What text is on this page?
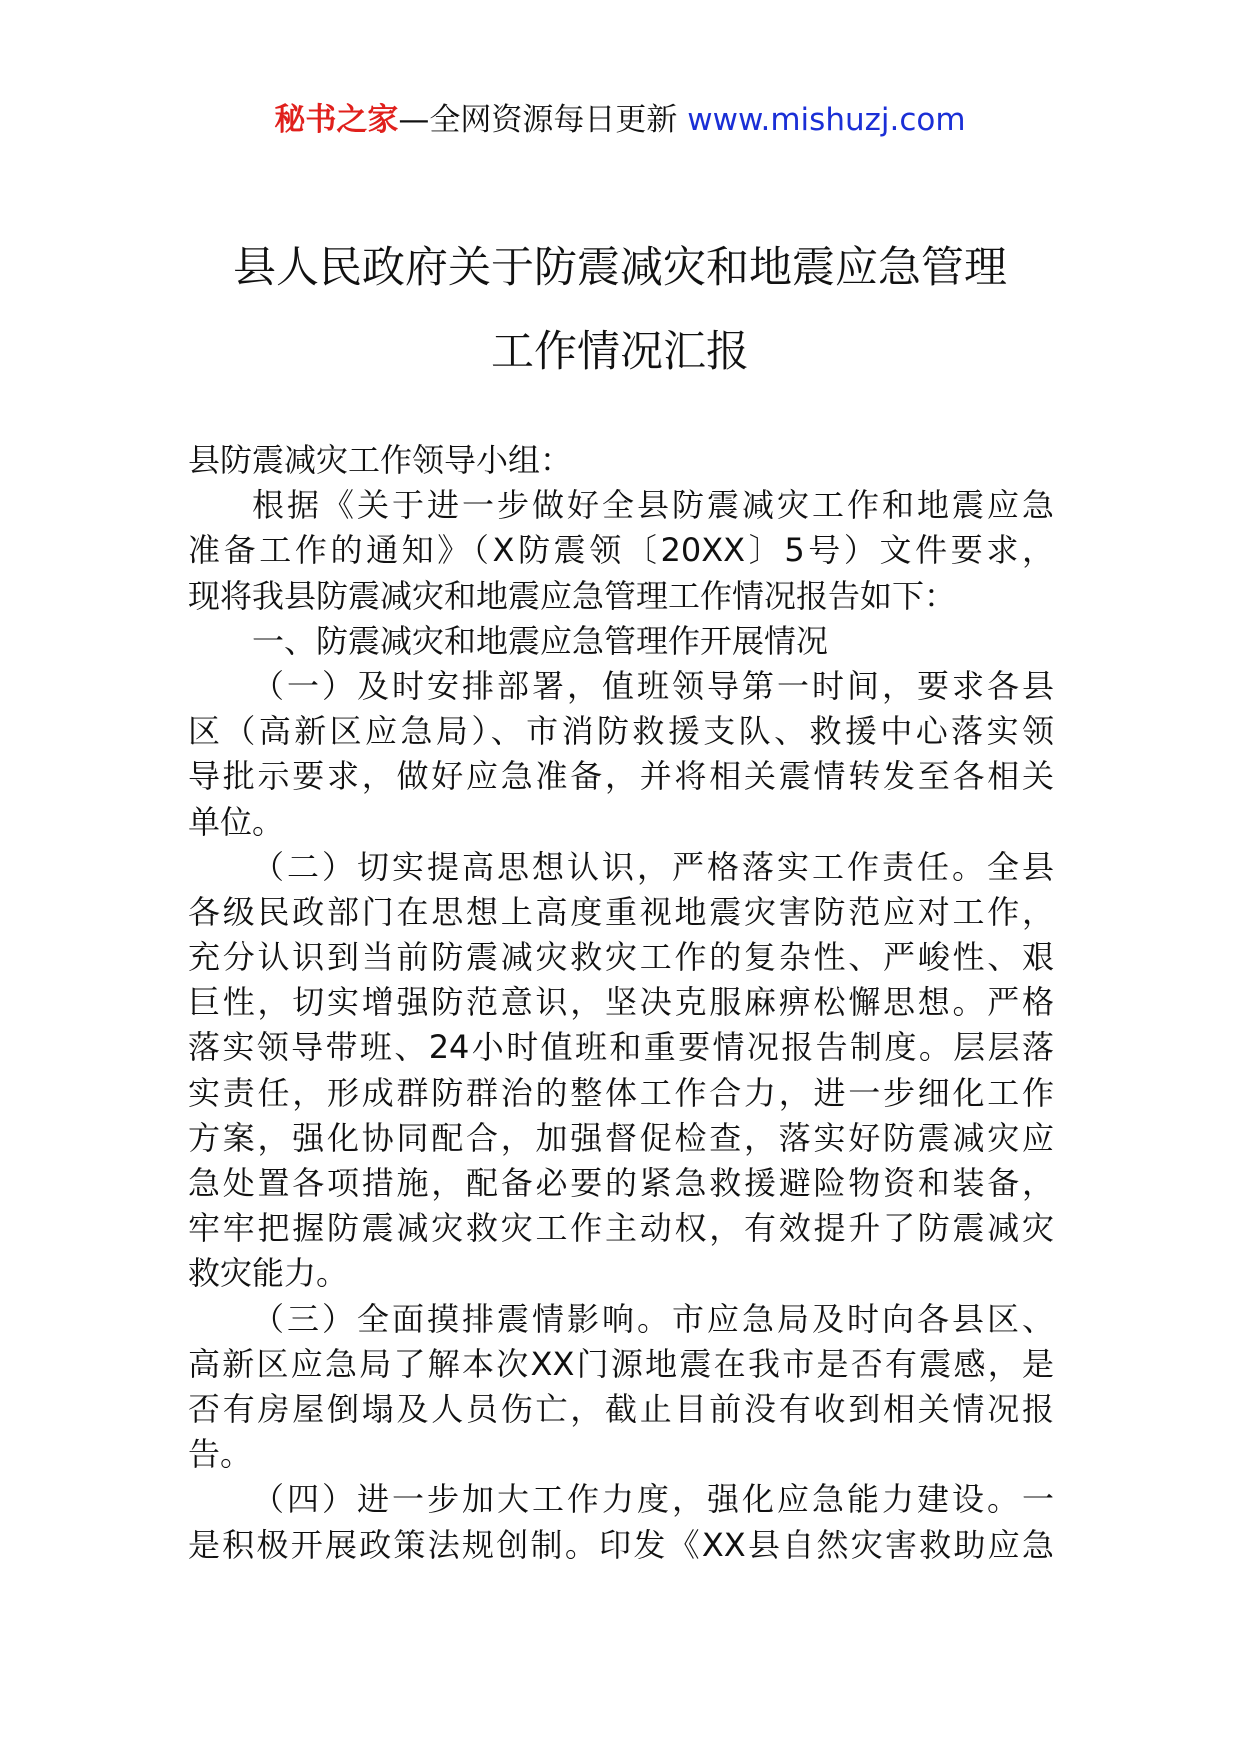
秘书之家—全网资源每日更新 www.mishuzj.com
县人民政府关于防震减灾和地震应急管理
工作情况汇报
县防震减灾工作领导小组：
根据《关于进一步做好全县防震减灾工作和地震应急
准备工作的通知》（X防震领〔20XX〕5号）文件要求，
现将我县防震减灾和地震应急管理工作情况报告如下：
一、防震减灾和地震应急管理作开展情况
（一）及时安排部署，值班领导第一时间，要求各县
区（高新区应急局）、市消防救援支队、救援中心落实领
导批示要求，做好应急准备，并将相关震情转发至各相关
单位。
（二）切实提高思想认识，严格落实工作责任。全县
各级民政部门在思想上高度重视地震灾害防范应对工作，
充分认识到当前防震减灾救灾工作的复杂性、严峻性、艰
巨性，切实增强防范意识，坚决克服麻痹松懈思想。严格
落实领导带班、24小时值班和重要情况报告制度。层层落
实责任，形成群防群治的整体工作合力，进一步细化工作
方案，强化协同配合，加强督促检查，落实好防震减灾应
急处置各项措施，配备必要的紧急救援避险物资和装备，
牢牢把握防震减灾救灾工作主动权，有效提升了防震减灾
救灾能力。
（三）全面摸排震情影响。市应急局及时向各县区、
高新区应急局了解本次XX门源地震在我市是否有震感，是
否有房屋倒塌及人员伤亡，截止目前没有收到相关情况报
告。
（四）进一步加大工作力度，强化应急能力建设。一
是积极开展政策法规创制。印发《XX县自然灾害救助应急
